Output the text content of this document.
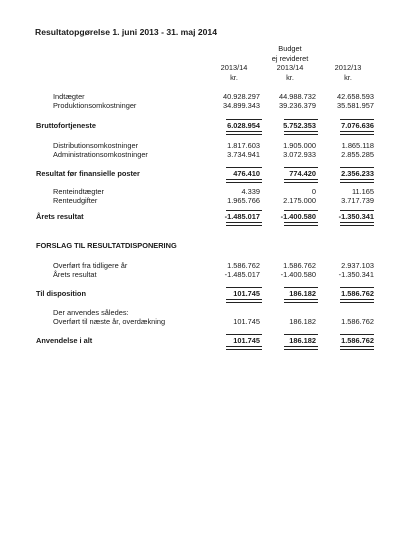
Resultatopgørelse 1. juni 2013 - 31. maj 2014
2013/14
kr.
Budget
ej revideret
2013/14
kr.
2012/13
kr.
Indtægter	40.928.297	44.988.732	42.658.593
Produktionsomkostninger	34.899.343	39.236.379	35.581.957
Bruttofortjeneste	6.028.954	5.752.353	7.076.636
Distributionsomkostninger	1.817.603	1.905.000	1.865.118
Administrationsomkostninger	3.734.941	3.072.933	2.855.285
Resultat før finansielle poster	476.410	774.420	2.356.233
Renteindtægter	4.339	0	11.165
Renteudgifter	1.965.766	2.175.000	3.717.739
Årets resultat	-1.485.017	-1.400.580	-1.350.341
FORSLAG TIL RESULTATDISPONERING
Overført fra tidligere år	1.586.762	1.586.762	2.937.103
Årets resultat	-1.485.017	-1.400.580	-1.350.341
Til disposition	101.745	186.182	1.586.762
Der anvendes således:
Overført til næste år, overdækning	101.745	186.182	1.586.762
Anvendelse i alt	101.745	186.182	1.586.762
